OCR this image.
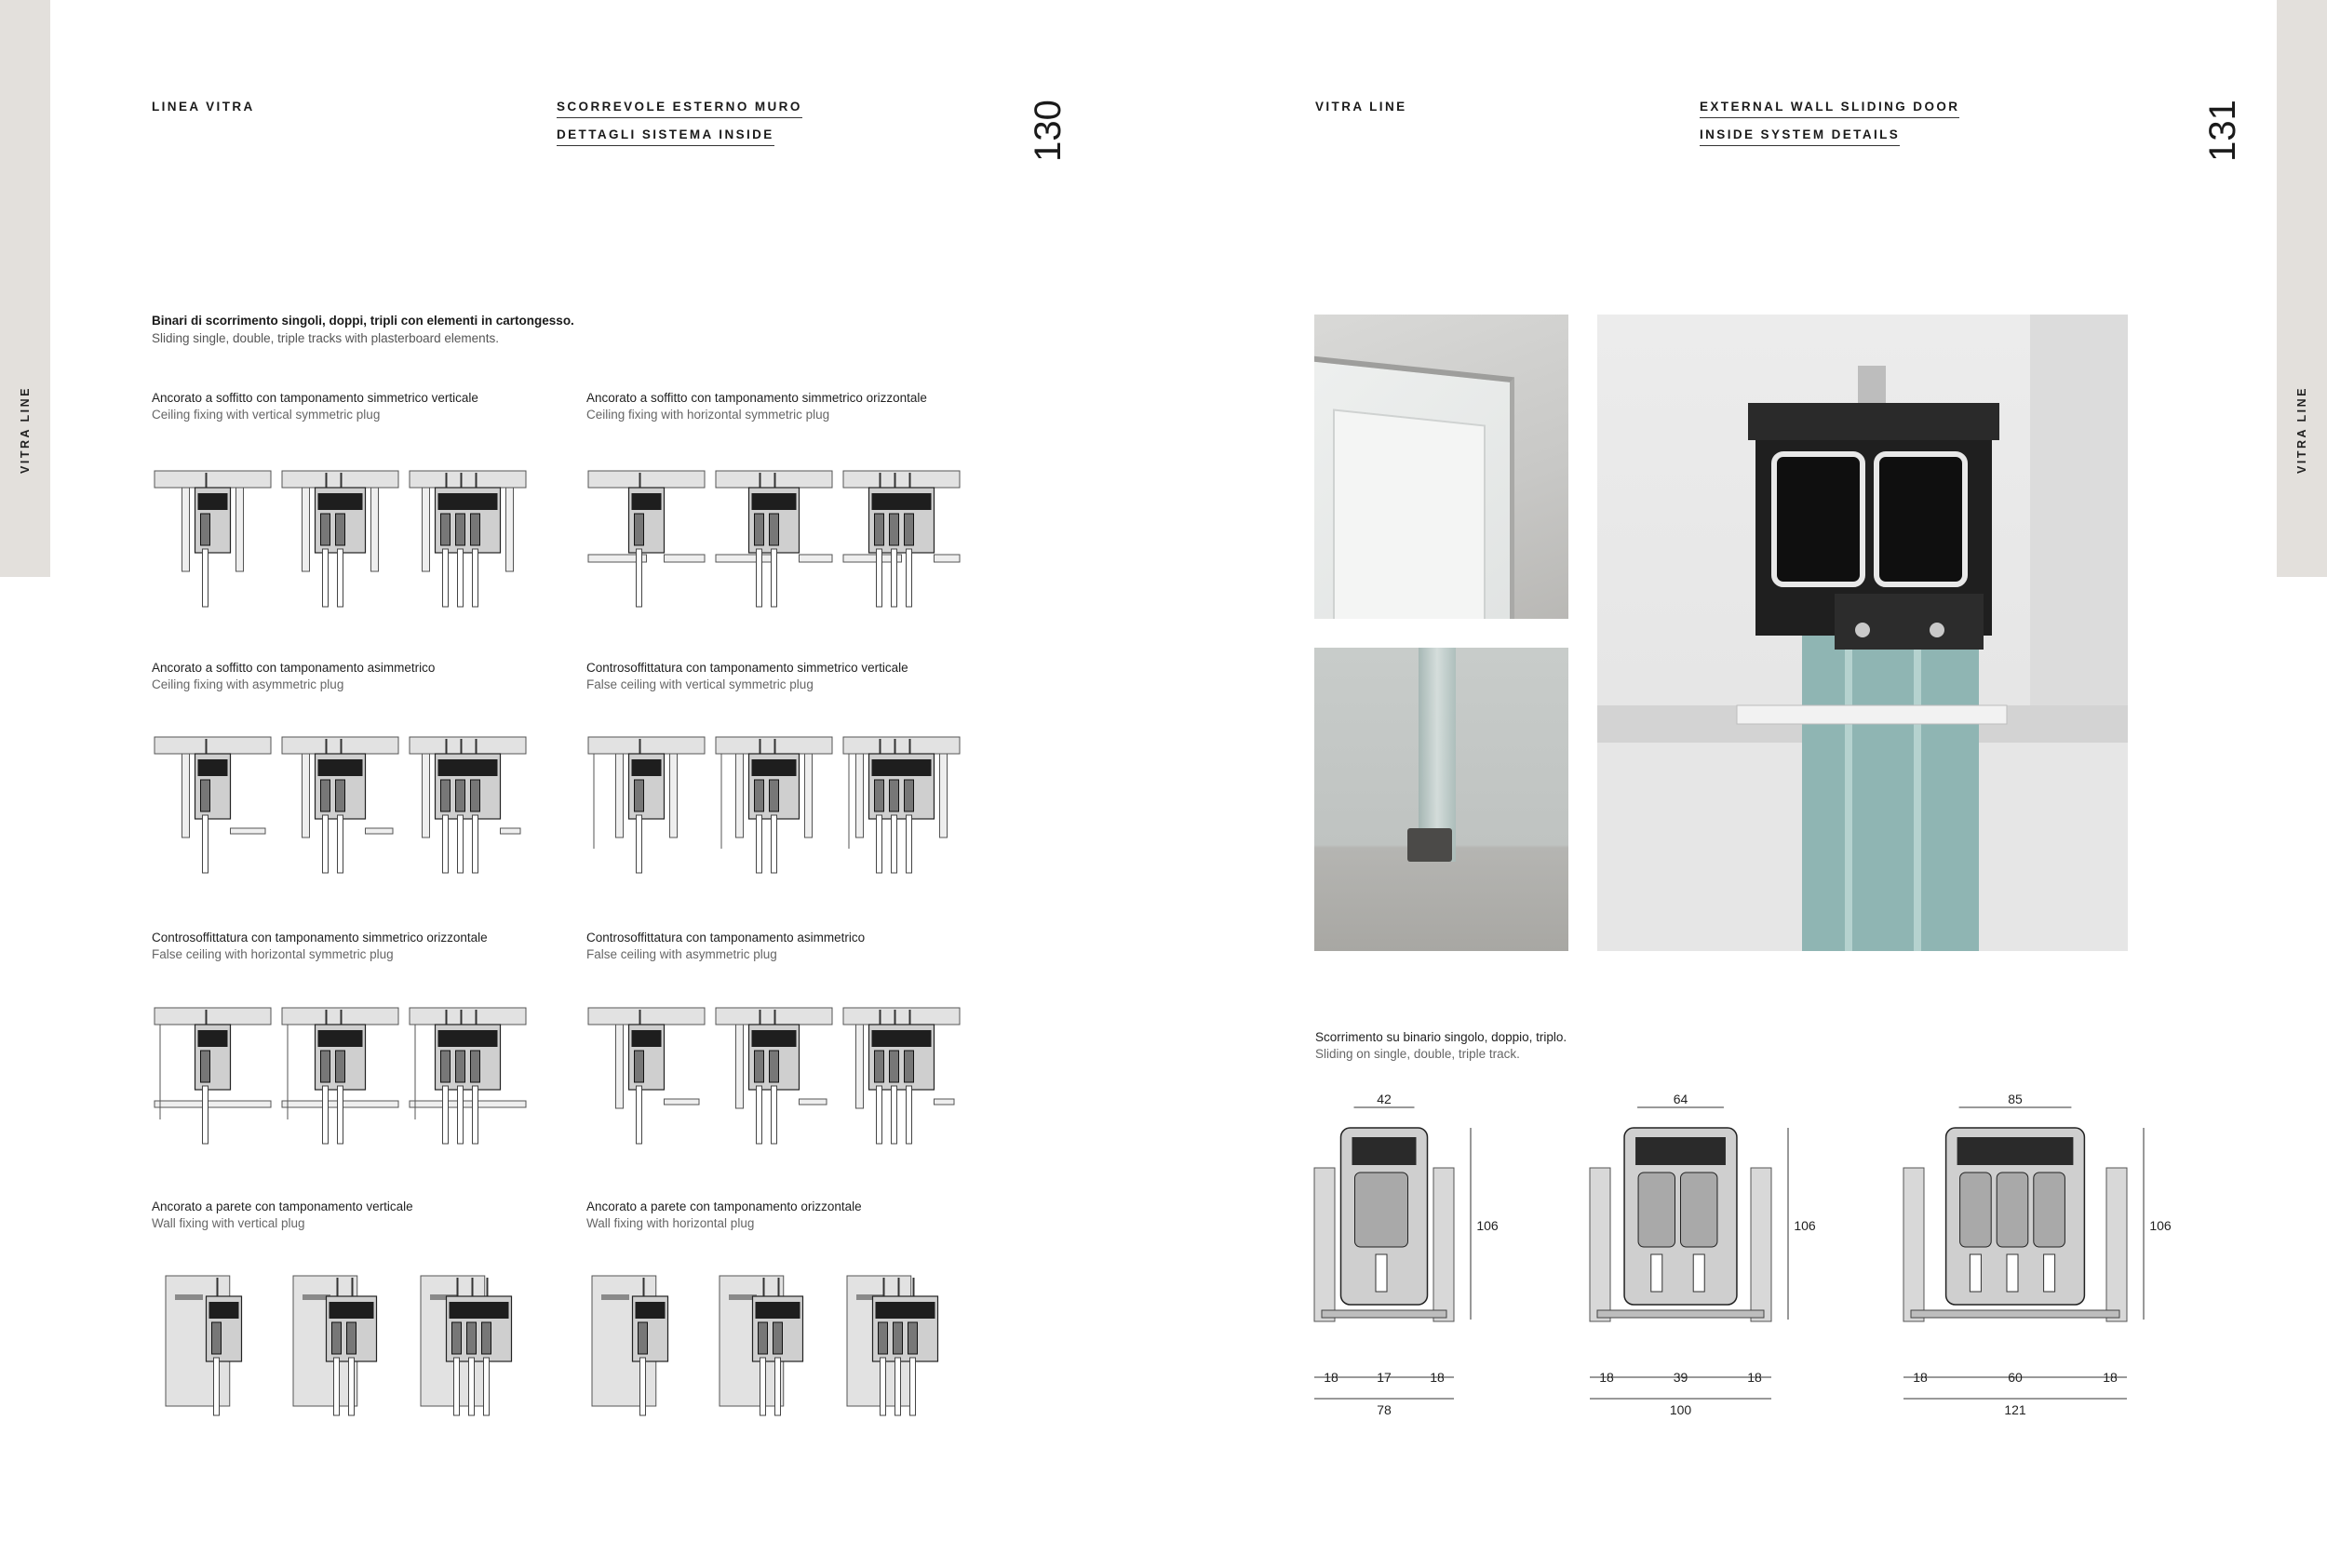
VITRA LINE	VITRA LINE
LINEA VITRA	SCORREVOLE ESTERNO MURO
DETTAGLI SISTEMA INSIDE	130	VITRA LINE	EXTERNAL WALL SLIDING DOOR
INSIDE SYSTEM DETAILS	131
Binari di scorrimento singoli, doppi, tripli con elementi in cartongesso.
Sliding single, double, triple tracks with plasterboard elements.
Ancorato a soffitto con tamponamento simmetrico verticale
Ceiling fixing with vertical symmetric plug
Ancorato a soffitto con tamponamento simmetrico orizzontale
Ceiling fixing with horizontal symmetric plug
Ancorato a soffitto con tamponamento asimmetrico
Ceiling fixing with asymmetric plug
Controsoffittatura con tamponamento simmetrico verticale
False ceiling with vertical symmetric plug
Controsoffittatura con tamponamento simmetrico orizzontale
False ceiling with horizontal symmetric plug
Controsoffittatura con tamponamento asimmetrico
False ceiling with asymmetric plug
Ancorato a parete con tamponamento verticale
Wall fixing with vertical plug
Ancorato a parete con tamponamento orizzontale
Wall fixing with horizontal plug
Scorrimento su binario singolo, doppio, triplo.
Sliding on single, double, triple track.
42
106
18	17	18
78
64
106
18	39	18
100
85
106
18	60	18
121
